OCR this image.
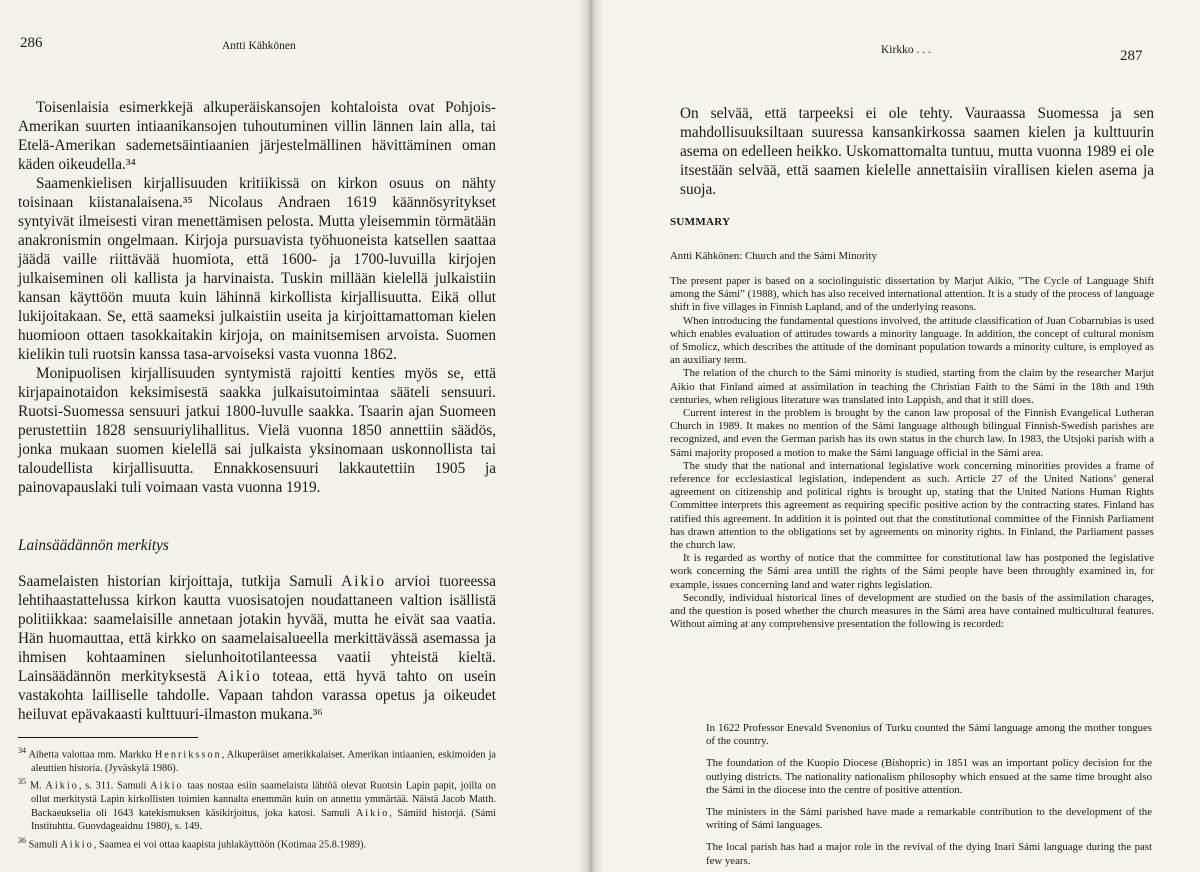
286	Antti Kähkönen

Toisenlaisia esimerkkejä alkuperäiskansojen kohtaloista ovat Pohjois-Amerikan suurten intiaanikansojen tuhoutuminen villin lännen lain alla, tai Etelä-Amerikan sademetsäintiaanien järjestelmällinen hävittäminen oman käden oikeudella.³⁴

Saamenkielisen kirjallisuuden kritiikissä on kirkon osuus on nähty toisinaan kiistanalaisena.³⁵ Nicolaus Andraen 1619 käännösyritykset syntyivät ilmeisesti viran menettämisen pelosta. Mutta yleisemmin törmätään anakronismin ongelmaan. Kirjoja pursuavista työhuoneista katsellen saattaa jäädä vaille riittävää huomiota, että 1600- ja 1700-luvuilla kirjojen julkaiseminen oli kallista ja harvinaista. Tuskin millään kielellä julkaistiin kansan käyttöön muuta kuin lähinnä kirkollista kirjallisuutta. Eikä ollut lukijoitakaan. Se, että saameksi julkaistiin useita ja kirjoittamattoman kielen huomioon ottaen tasokkaitakin kirjoja, on mainitsemisen arvoista. Suomen kielikin tuli ruotsin kanssa tasa-arvoiseksi vasta vuonna 1862.

Monipuolisen kirjallisuuden syntymistä rajoitti kenties myös se, että kirjapainotaidon keksimisestä saakka julkaisutoimintaa sääteli sensuuri. Ruotsi-Suomessa sensuuri jatkui 1800-luvulle saakka. Tsaarin ajan Suomeen perustettiin 1828 sensuuriylihallitus. Vielä vuonna 1850 annettiin säädös, jonka mukaan suomen kielellä sai julkaista yksinomaan uskonnollista tai taloudellista kirjallisuutta. Ennakkosensuuri lakkautettiin 1905 ja painovapauslaki tuli voimaan vasta vuonna 1919.

Lainsäädännön merkitys

Saamelaisten historian kirjoittaja, tutkija Samuli Aikio arvioi tuoreessa lehtihaastattelussa kirkon kautta vuosisatojen noudattaneen valtion isällistä politiikkaa: saamelaisille annetaan jotakin hyvää, mutta he eivät saa vaatia. Hän huomauttaa, että kirkko on saamelaisalueella merkittävässä asemassa ja ihmisen kohtaaminen sielunhoitotilanteessa vaatii yhteistä kieltä. Lainsäädännön merkityksestä Aikio toteaa, että hyvä tahto on usein vastakohta lailliselle tahdolle. Vapaan tahdon varassa opetus ja oikeudet heiluvat epävakaasti kulttuuri-ilmaston mukana.³⁶

$^{34}$ Aihetta valottaa mm. Markku Henriksson, Alkuperäiset amerikkalaiset. Amerikan intiaanien, eskimoiden ja aleuttien historia. (Jyväskylä 1986).

$^{35}$ M. Aikio, s. 311. Samuli Aikio taas nostaa esiin saamelaista lähtöä olevat Ruotsin Lapin papit, joilla on ollut merkitystä Lapin kirkollisten toimien kannalta enemmän kuin on annettu ymmärtää. Näistä Jacob Matth. Backaeukselia oli 1643 katekismuksen käsikirjoitus, joka katosi. Samuli Aikio, Sámiid historjá. (Sámi Instituhtta. Guovdageaidnu 1980), s. 149.

$^{36}$ Samuli Aikio, Saamea ei voi ottaa kaapista juhlakäyttöön (Kotimaa 25.8.1989).

Kirkko . . .	287

On selvää, että tarpeeksi ei ole tehty. Vauraassa Suomessa ja sen mahdollisuuksiltaan suuressa kansankirkossa saamen kielen ja kulttuurin asema on edelleen heikko. Uskomattomalta tuntuu, mutta vuonna 1989 ei ole itsestään selvää, että saamen kielelle annettaisiin virallisen kielen asema ja suoja.

SUMMARY
Antti Kähkönen: Church and the Sámi Minority

The present paper is based on a sociolinguistic dissertation by Marjut Aikio, ”The Cycle of Language Shift among the Sámi” (1988), which has also received international attention. It is a study of the process of language shift in five villages in Finnish Lapland, and of the underlying reasons.

When introducing the fundamental questions involved, the attitude classification of Juan Cobarrubias is used which enables evaluation of attitudes towards a minority language. In addition, the concept of cultural monism of Smolicz, which describes the attitude of the dominant population towards a minority culture, is employed as an auxiliary term.

The relation of the church to the Sámi minority is studied, starting from the claim by the researcher Marjut Aikio that Finland aimed at assimilation in teaching the Christian Faith to the Sámi in the 18th and 19th centuries, when religious literature was translated into Lappish, and that it still does.

Current interest in the problem is brought by the canon law proposal of the Finnish Evangelical Lutheran Church in 1989. It makes no mention of the Sámi language although bilingual Finnish-Swedish parishes are recognized, and even the German parish has its own status in the church law. In 1983, the Utsjoki parish with a Sámi majority proposed a motion to make the Sámi language official in the Sámi area.

The study that the national and international legislative work concerning minorities provides a frame of reference for ecclesiastical legislation, independent as such. Article 27 of the United Nations’ general agreement on citizenship and political rights is brought up, stating that the United Nations Human Rights Committee interprets this agreement as requiring specific positive action by the contracting states. Finland has ratified this agreement. In addition it is pointed out that the constitutional committee of the Finnish Parliament has drawn attention to the obligations set by agreements on minority rights. In Finland, the Parliament passes the church law.

It is regarded as worthy of notice that the committee for constitutional law has postponed the legislative work concerning the Sámi area untill the rights of the Sámi people have been throughly examined in, for example, issues concerning land and water rights legislation.

Secondly, individual historical lines of development are studied on the basis of the assimilation charages, and the question is posed whether the church measures in the Sámi area have contained multicultural features. Without aiming at any comprehensive presentation the following is recorded:

In 1622 Professor Enevald Svenonius of Turku counted the Sámi language among the mother tongues of the country.

The foundation of the Kuopio Diocese (Bishopric) in 1851 was an important policy decision for the outlying districts. The nationality nationalism philosophy which ensued at the same time brought also the Sámi in the diocese into the centre of positive attention.

The ministers in the Sámi parished have made a remarkable contribution to the development of the writing of Sámi languages.

The local parish has had a major role in the revival of the dying Inari Sámi language during the past few years.
